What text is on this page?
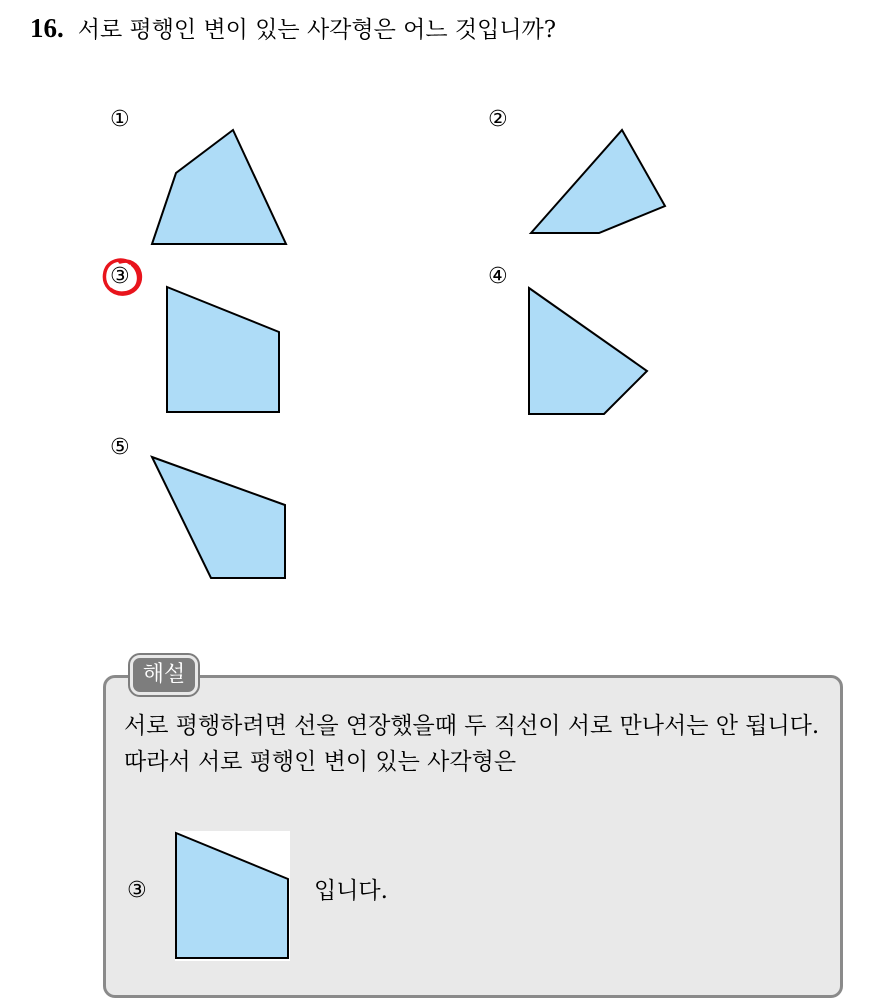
16. 서로 평행인 변이 있는 사각형은 어느 것입니까?
①	②
③	④
⑤
해설

서로 평행하려면 선을 연장했을때 두 직선이 서로 만나서는 안 됩니다.

따라서 서로 평행인 변이 있는 사각형은

③	입니다.
